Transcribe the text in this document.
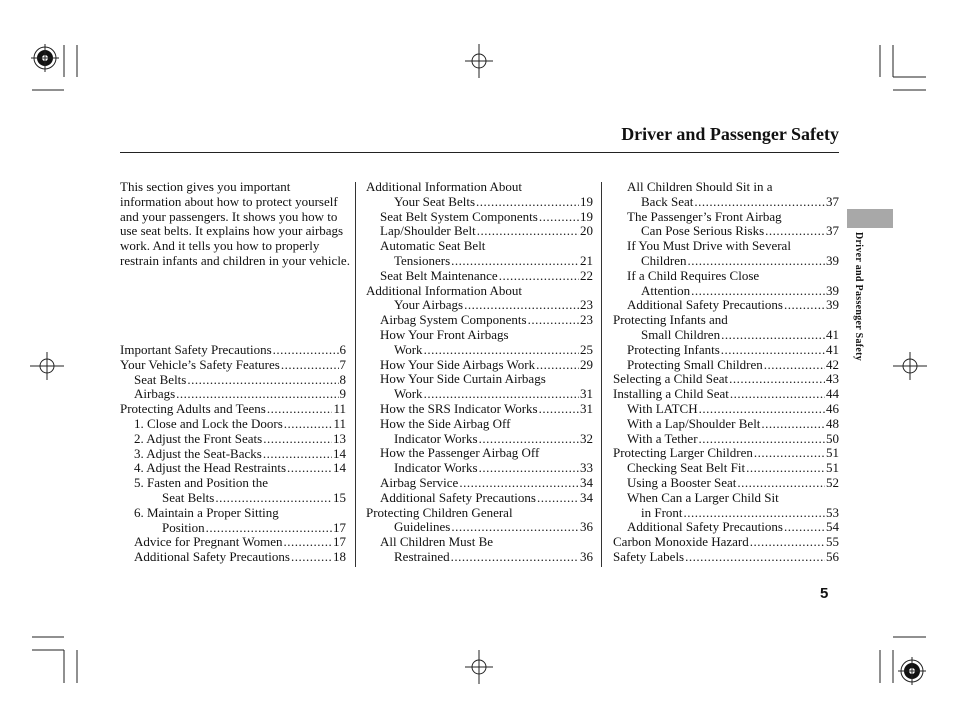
Driver and Passenger Safety
This section gives you important information about how to protect yourself and your passengers. It shows you how to use seat belts. It explains how your airbags work. And it tells you how to properly restrain infants and children in your vehicle.
Important Safety Precautions .....	6
Your Vehicle’s Safety Features .....	7
Seat Belts .....	8
Airbags .....	9
Protecting Adults and Teens .....	11
1. Close and Lock the Doors .....	11
2. Adjust the Front Seats .....	13
3. Adjust the Seat-Backs .....	14
4. Adjust the Head Restraints .....	14
5. Fasten and Position the
Seat Belts .....	15
6. Maintain a Proper Sitting
Position .....	17
Advice for Pregnant Women .....	17
Additional Safety Precautions .....	18
Additional Information About
Your Seat Belts .....	19
Seat Belt System Components .....	19
Lap/Shoulder Belt .....	20
Automatic Seat Belt
Tensioners .....	21
Seat Belt Maintenance .....	22
Additional Information About
Your Airbags .....	23
Airbag System Components .....	23
How Your Front Airbags
Work .....	25
How Your Side Airbags Work .....	29
How Your Side Curtain Airbags
Work .....	31
How the SRS Indicator Works .....	31
How the Side Airbag Off
Indicator Works .....	32
How the Passenger Airbag Off
Indicator Works .....	33
Airbag Service .....	34
Additional Safety Precautions .....	34
Protecting Children General
Guidelines .....	36
All Children Must Be
Restrained .....	36
All Children Should Sit in a
Back Seat .....	37
The Passenger’s Front Airbag
Can Pose Serious Risks .....	37
If You Must Drive with Several
Children .....	39
If a Child Requires Close
Attention .....	39
Additional Safety Precautions .....	39
Protecting Infants and
Small Children .....	41
Protecting Infants .....	41
Protecting Small Children .....	42
Selecting a Child Seat .....	43
Installing a Child Seat .....	44
With LATCH .....	46
With a Lap/Shoulder Belt .....	48
With a Tether .....	50
Protecting Larger Children .....	51
Checking Seat Belt Fit .....	51
Using a Booster Seat .....	52
When Can a Larger Child Sit
in Front .....	53
Additional Safety Precautions .....	54
Carbon Monoxide Hazard .....	55
Safety Labels .....	56
Driver and Passenger Safety
5
